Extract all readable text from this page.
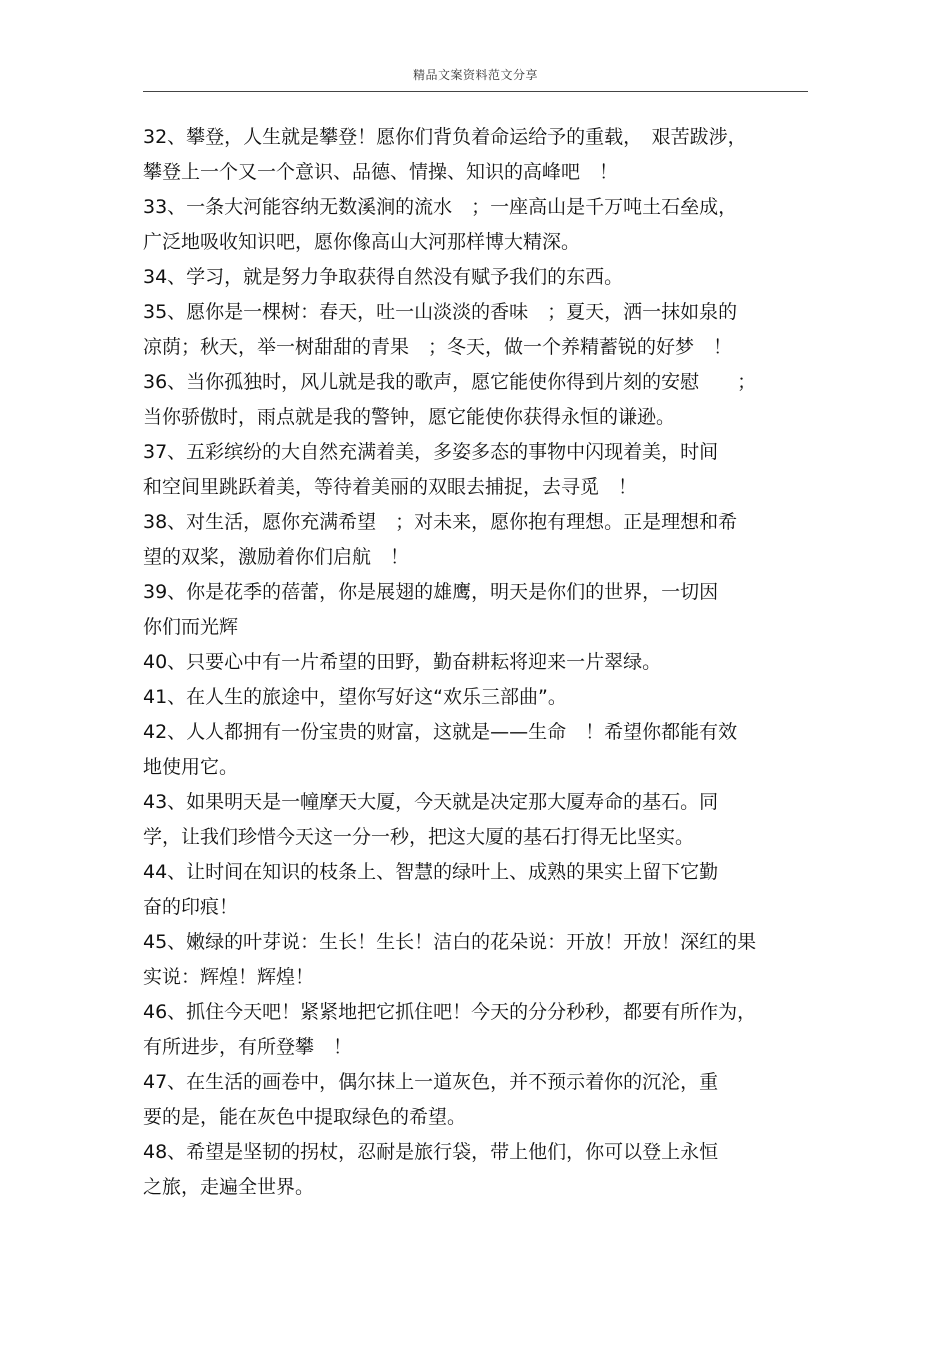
精品文案资料范文分享
32、攀登，人生就是攀登！愿你们背负着命运给予的重载，　艰苦跋涉，
攀登上一个又一个意识、品德、情操、知识的高峰吧　！
33、一条大河能容纳无数溪涧的流水　；一座高山是千万吨土石垒成，
广泛地吸收知识吧，愿你像高山大河那样博大精深。
34、学习，就是努力争取获得自然没有赋予我们的东西。
35、愿你是一棵树：春天，吐一山淡淡的香味　；夏天，洒一抹如泉的
凉荫；秋天，举一树甜甜的青果　；冬天，做一个养精蓄锐的好梦　！
36、当你孤独时，风儿就是我的歌声，愿它能使你得到片刻的安慰　　；
当你骄傲时，雨点就是我的警钟，愿它能使你获得永恒的谦逊。
37、五彩缤纷的大自然充满着美，多姿多态的事物中闪现着美，时间
和空间里跳跃着美，等待着美丽的双眼去捕捉，去寻觅　！
38、对生活，愿你充满希望　；对未来，愿你抱有理想。正是理想和希
望的双桨，激励着你们启航　！
39、你是花季的蓓蕾，你是展翅的雄鹰，明天是你们的世界，一切因
你们而光辉
40、只要心中有一片希望的田野，勤奋耕耘将迎来一片翠绿。
41、在人生的旅途中，望你写好这“欢乐三部曲”。
42、人人都拥有一份宝贵的财富，这就是——生命　！希望你都能有效
地使用它。
43、如果明天是一幢摩天大厦，今天就是决定那大厦寿命的基石。同
学，让我们珍惜今天这一分一秒，把这大厦的基石打得无比坚实。
44、让时间在知识的枝条上、智慧的绿叶上、成熟的果实上留下它勤
奋的印痕！
45、嫩绿的叶芽说：生长！生长！洁白的花朵说：开放！开放！深红的果
实说：辉煌！辉煌！
46、抓住今天吧！紧紧地把它抓住吧！今天的分分秒秒，都要有所作为，
有所进步，有所登攀　！
47、在生活的画卷中，偶尔抹上一道灰色，并不预示着你的沉沦，重
要的是，能在灰色中提取绿色的希望。
48、希望是坚韧的拐杖，忍耐是旅行袋，带上他们，你可以登上永恒
之旅，走遍全世界。
